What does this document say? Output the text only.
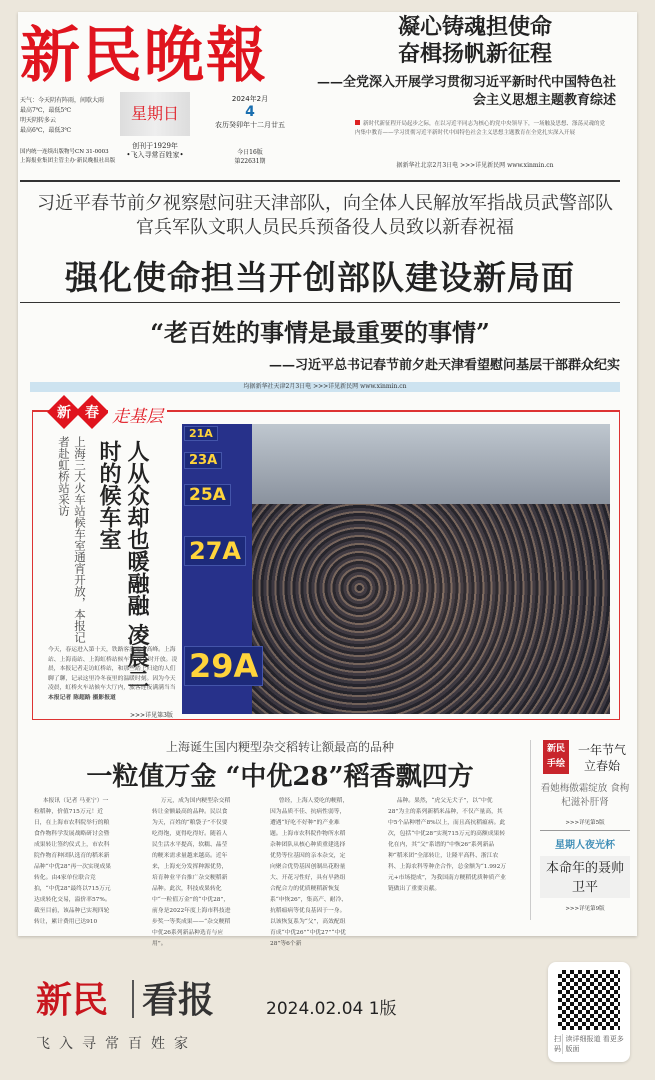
新民晚報
天气：今天阴有阵雨，间歇大雨
最高7℃，最低5℃
明天阴转多云
最高6℃，最低3℃
国内统一连续出版物号CN 31-0003
上海报业集团主管主办·新民晚报社出版
星期日
创刊于1929年
•飞入寻常百姓家•
2024年2月
4
农历癸卯年十二月廿五
今日16版
第22631期
凝心铸魂担使命
奋楫扬帆新征程
——全党深入开展学习贯彻习近平新时代中国特色社会主义思想主题教育综述
新时代新征程开局起步之际，在以习近平同志为核心的党中央领导下，一场触及思想、涤荡灵魂的党内集中教育——学习贯彻习近平新时代中国特色社会主义思想主题教育在全党扎实深入开展
据新华社北京2月3日电 >>>详见新民网 www.xinmin.cn
习近平春节前夕视察慰问驻天津部队，向全体人民解放军指战员武警部队官兵军队文职人员民兵预备役人员致以新春祝福
强化使命担当开创部队建设新局面
“老百姓的事情是最重要的事情”
——习近平总书记春节前夕赴天津看望慰问基层干部群众纪实
均据新华社天津2月3日电 >>>详见新民网 www.xinmin.cn
新	春 走基层
人从众却也暖融融 凌晨二时的候车室
上海三大火车站候车室通宵开放，本报记者赴虹桥站采访
今天，春运进入第十天，铁路客流迎来高峰。上海站、上海南站、上海虹桥站候车室24小时开放。凌晨，本报记者走访虹桥站，和那些踏上归途的人们聊了聊，记录这里冷冬夜里的温暖时刻。因为今天凌晨，虹桥火车站候车大厅内，旅客连夜满满当当 本报记者 陈超路 摄影报道
>>>详见第3版
21A
23A
25A
27A
29A
上海诞生国内粳型杂交稻转让额最高的品种
一粒值万金 “中优28”稻香飘四方
本报讯（记者 马亚宁）一粒稻种，价值715万元！近日，在上海市农科院举行的粮食作物科学发展战略研讨会暨成果转让签约仪式上，市农科院作物育种团队选育的稻米新品种“中优28”再一次实现成果转化。由4家单位联合竞拍，“中优28”最终以715万元达成转化交易，溢价率57%。截至目前，该品种已实现四轮转让，累计费用已达910
万元，成为国内粳型杂交稻转让金额最高的品种。民以食为天，百姓的“粮袋子”不仅要吃得饱，更得吃得好。随着人民生活水平提高，软糯、晶莹的粳米需求量越来越高。近年来，上海充分发挥种源优势，培育种业平台推广杂交粳稻新品种。此次，科技成果转化中“一粒值万金”的“中优28”，前身是2022年度上海市科技进步奖一等奖成果——“杂交粳稻中优26系列新品种选育与应用”。
曾经，上海人爱吃的粳稻，因为品质不佳、抗病性弱等，遭遇“好吃不好种”的产业难题。上海市农科院作物所水稻杂种团队从核心种质重建选择优势等位基因的亲本杂交，定向聚合优势基因创制出花粉量大、开花习性好，具有早熟组合配合力的优质粳稻新恢复系“申恢26”，集高产、耐冷、抗稻瘟病等优良基因于一身。以该恢复系为“父”，高效配组育成“中优26”“中优27”“中优28”等6个新
品种。果然，“虎父无犬子”，以“中优28”为主的系列新稻米品种，不仅产量高，其中5个品种增产8%以上，而且高抗稻瘟病。此次，包括“中优28”实现715万元的高额成果转化在内，其“父”系谱的“中恢26”系列新品种“稻米团”全部转让，让隆平高科、浙江农科、上海农科等种企合作，总金额为“1.992万元+市场提成”，为我国南方粳稻优质种质产业链做出了重要贡献。
新民手绘
一年节气 立春始
看她梅傲霜绽放 食枸杞滋补肝肾
>>>详见第5版
星期人夜光杯
本命年的聂帅卫平
>>>详见第9版
新民 看报	2024.02.04 1版
飞入寻常百姓家	扫码
读详细报道 看更多版面
